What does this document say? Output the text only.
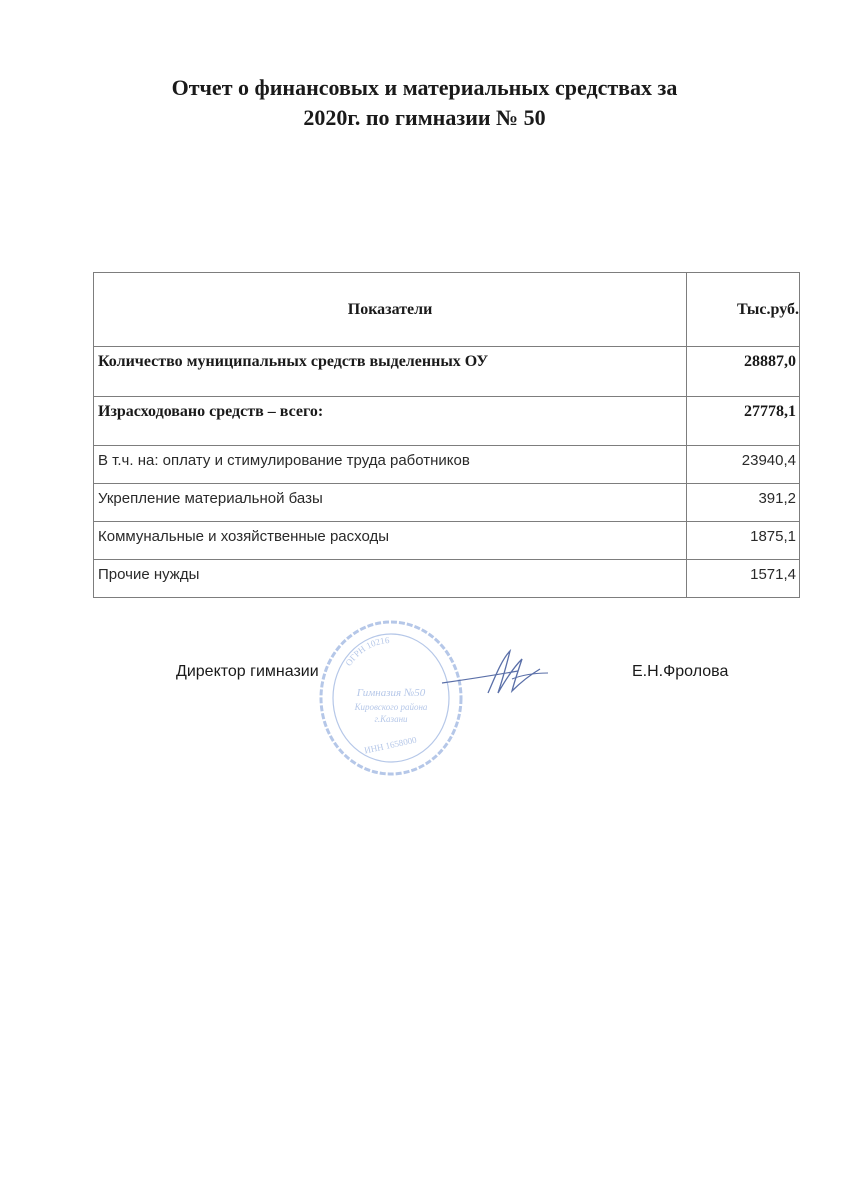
Отчет о финансовых и материальных средствах за
2020г. по гимназии № 50
Показатели	Тыс.руб.
Количество муниципальных средств выделенных ОУ	28887,0
Израсходовано средств – всего:	27778,1
В т.ч. на: оплату и стимулирование труда работников	23940,4
Укрепление материальной базы	391,2
Коммунальные и хозяйственные расходы	1875,1
Прочие нужды	1571,4
ОГРН 10216
Гимназия №50
Кировского района
г.Казани
ИНН 1658000
Директор гимназии	Е.Н.Фролова
